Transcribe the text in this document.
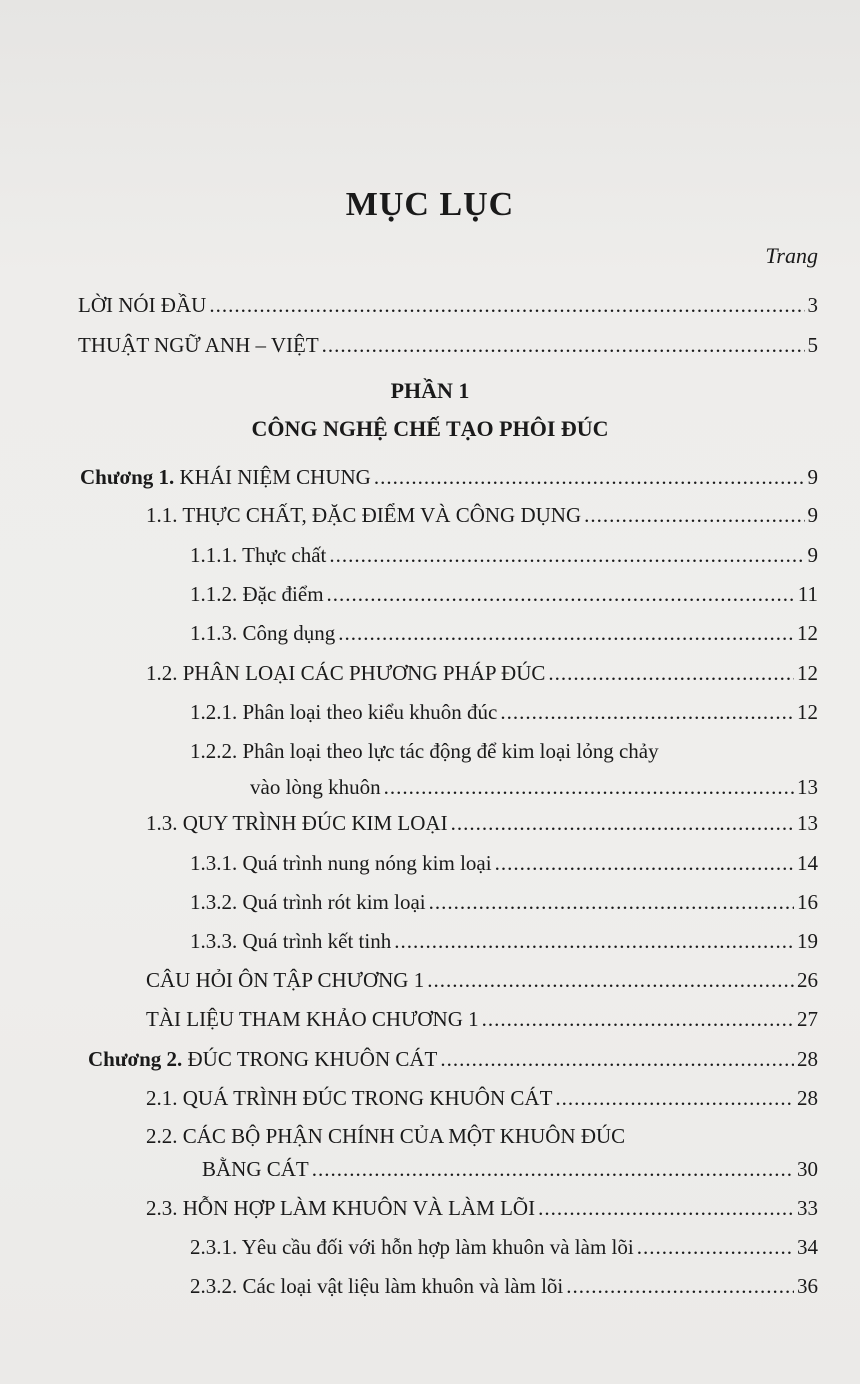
MỤC LỤC
Trang
LỜI NÓI ĐẦU .....	3
THUẬT NGỮ ANH – VIỆT .....	5
PHẦN 1
CÔNG NGHỆ CHẾ TẠO PHÔI ĐÚC
Chương 1. KHÁI NIỆM CHUNG .....	9
1.1. THỰC CHẤT, ĐẶC ĐIỂM VÀ CÔNG DỤNG .....	9
1.1.1. Thực chất .....	9
1.1.2. Đặc điểm .....	11
1.1.3. Công dụng .....	12
1.2. PHÂN LOẠI CÁC PHƯƠNG PHÁP ĐÚC .....	12
1.2.1. Phân loại theo kiểu khuôn đúc .....	12
1.2.2. Phân loại theo lực tác động để kim loại lỏng chảy
vào lòng khuôn .....	13
1.3. QUY TRÌNH ĐÚC KIM LOẠI .....	13
1.3.1. Quá trình nung nóng kim loại .....	14
1.3.2. Quá trình rót kim loại .....	16
1.3.3. Quá trình kết tinh .....	19
CÂU HỎI ÔN TẬP CHƯƠNG 1 .....	26
TÀI LIỆU THAM KHẢO CHƯƠNG 1 .....	27
Chương 2. ĐÚC TRONG KHUÔN CÁT .....	28
2.1. QUÁ TRÌNH ĐÚC TRONG KHUÔN CÁT .....	28
2.2. CÁC BỘ PHẬN CHÍNH CỦA MỘT KHUÔN ĐÚC
BẰNG CÁT .....	30
2.3. HỖN HỢP LÀM KHUÔN VÀ LÀM LÕI .....	33
2.3.1. Yêu cầu đối với hỗn hợp làm khuôn và làm lõi .....	34
2.3.2. Các loại vật liệu làm khuôn và làm lõi .....	36
